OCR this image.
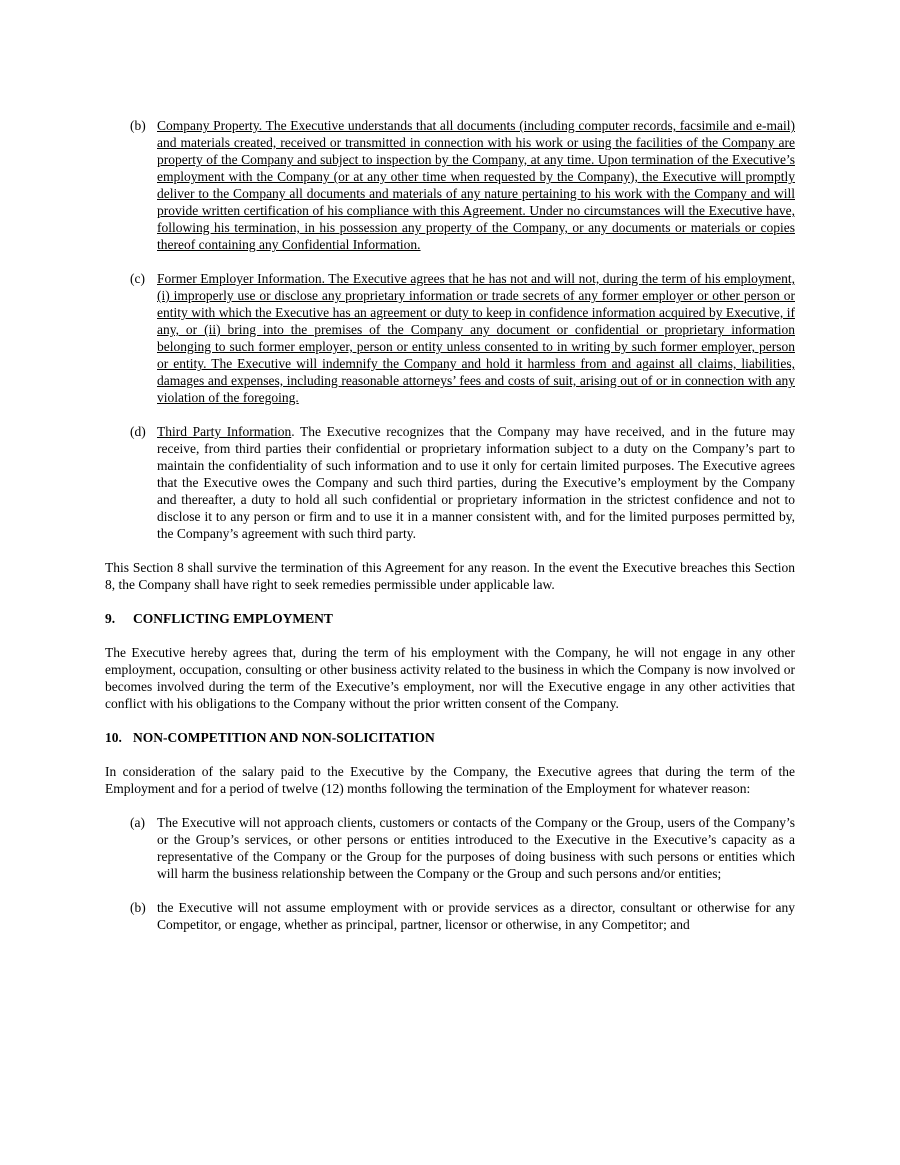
(b) Company Property. The Executive understands that all documents (including computer records, facsimile and e-mail) and materials created, received or transmitted in connection with his work or using the facilities of the Company are property of the Company and subject to inspection by the Company, at any time. Upon termination of the Executive’s employment with the Company (or at any other time when requested by the Company), the Executive will promptly deliver to the Company all documents and materials of any nature pertaining to his work with the Company and will provide written certification of his compliance with this Agreement. Under no circumstances will the Executive have, following his termination, in his possession any property of the Company, or any documents or materials or copies thereof containing any Confidential Information.
(c) Former Employer Information. The Executive agrees that he has not and will not, during the term of his employment, (i) improperly use or disclose any proprietary information or trade secrets of any former employer or other person or entity with which the Executive has an agreement or duty to keep in confidence information acquired by Executive, if any, or (ii) bring into the premises of the Company any document or confidential or proprietary information belonging to such former employer, person or entity unless consented to in writing by such former employer, person or entity. The Executive will indemnify the Company and hold it harmless from and against all claims, liabilities, damages and expenses, including reasonable attorneys’ fees and costs of suit, arising out of or in connection with any violation of the foregoing.
(d) Third Party Information. The Executive recognizes that the Company may have received, and in the future may receive, from third parties their confidential or proprietary information subject to a duty on the Company’s part to maintain the confidentiality of such information and to use it only for certain limited purposes. The Executive agrees that the Executive owes the Company and such third parties, during the Executive’s employment by the Company and thereafter, a duty to hold all such confidential or proprietary information in the strictest confidence and not to disclose it to any person or firm and to use it in a manner consistent with, and for the limited purposes permitted by, the Company’s agreement with such third party.

This Section 8 shall survive the termination of this Agreement for any reason. In the event the Executive breaches this Section 8, the Company shall have right to seek remedies permissible under applicable law.

9. CONFLICTING EMPLOYMENT

The Executive hereby agrees that, during the term of his employment with the Company, he will not engage in any other employment, occupation, consulting or other business activity related to the business in which the Company is now involved or becomes involved during the term of the Executive’s employment, nor will the Executive engage in any other activities that conflict with his obligations to the Company without the prior written consent of the Company.

10. NON-COMPETITION AND NON-SOLICITATION

In consideration of the salary paid to the Executive by the Company, the Executive agrees that during the term of the Employment and for a period of twelve (12) months following the termination of the Employment for whatever reason:

(a) The Executive will not approach clients, customers or contacts of the Company or the Group, users of the Company’s or the Group’s services, or other persons or entities introduced to the Executive in the Executive’s capacity as a representative of the Company or the Group for the purposes of doing business with such persons or entities which will harm the business relationship between the Company or the Group and such persons and/or entities;
(b) the Executive will not assume employment with or provide services as a director, consultant or otherwise for any Competitor, or engage, whether as principal, partner, licensor or otherwise, in any Competitor; and
